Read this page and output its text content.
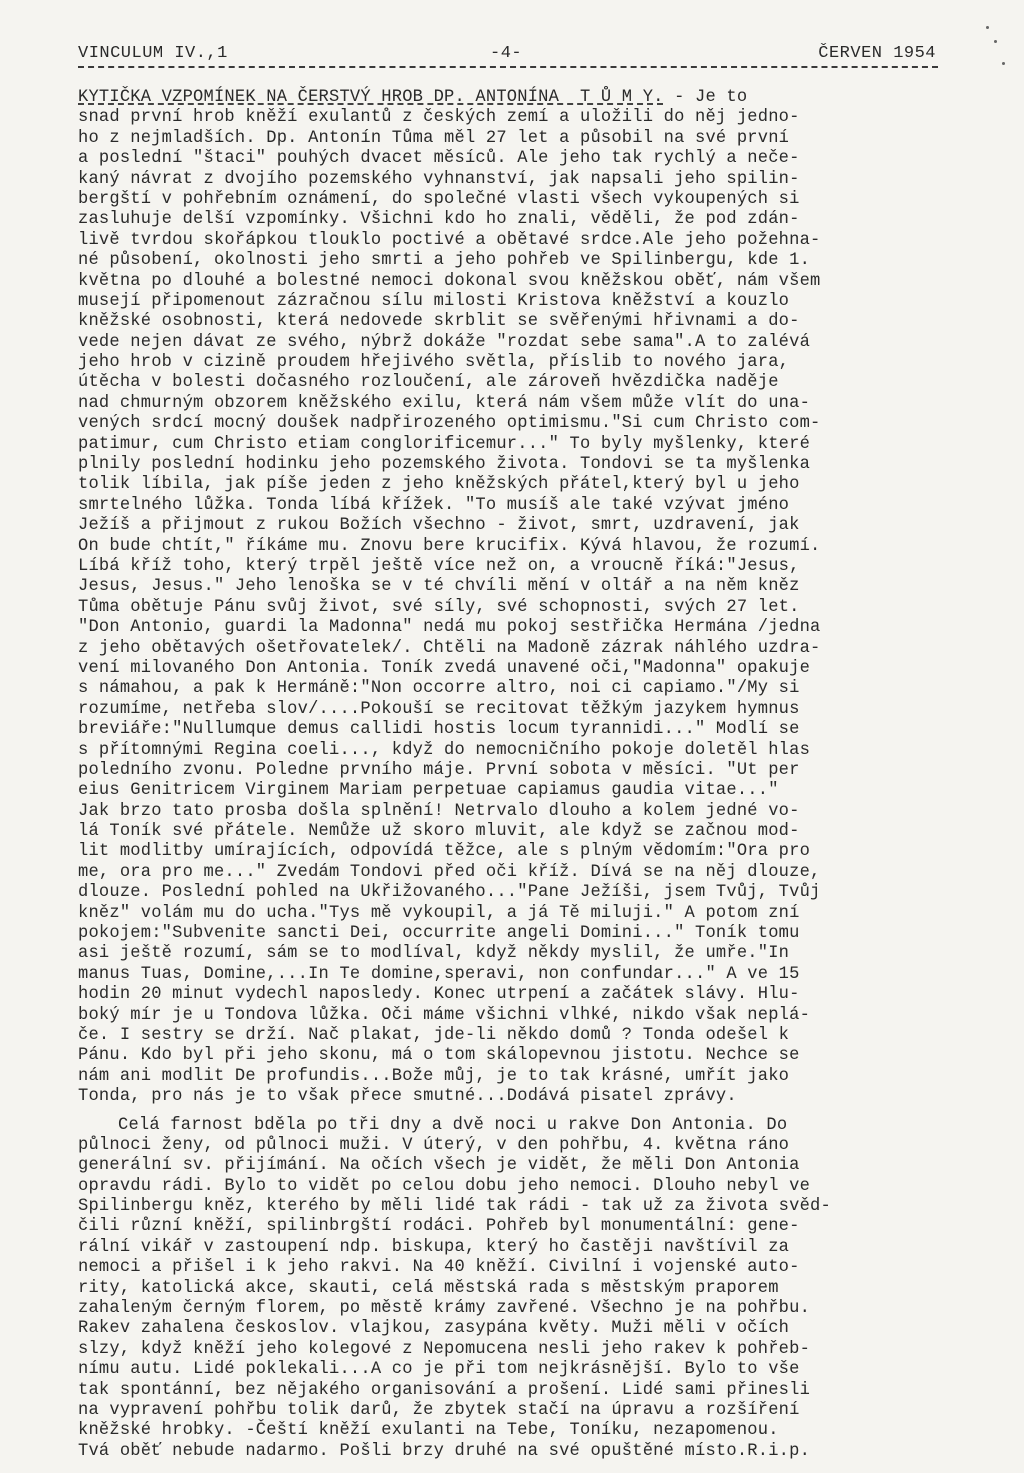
VINCULUM IV.,1	-4-	ČERVEN 1954
KYTIČKA VZPOMÍNEK NA ČERSTVÝ HROB DP. ANTONÍNA  T Ů M Y. - Je to
snad první hrob kněží exulantů z českých zemí a uložili do něj jedno-
ho z nejmladších. Dp. Antonín Tůma měl 27 let a působil na své první
a poslední "štaci" pouhých dvacet měsíců. Ale jeho tak rychlý a neče-
kaný návrat z dvojího pozemského vyhnanství, jak napsali jeho spilin-
bergští v pohřebním oznámení, do společné vlasti všech vykoupených si
zasluhuje delší vzpomínky. Všichni kdo ho znali, věděli, že pod zdán-
livě tvrdou skořápkou tlouklo poctivé a obětavé srdce.Ale jeho požehna-
né působení, okolnosti jeho smrti a jeho pohřeb ve Spilinbergu, kde 1.
května po dlouhé a bolestné nemoci dokonal svou kněžskou oběť, nám všem
musejí připomenout zázračnou sílu milosti Kristova kněžství a kouzlo
kněžské osobnosti, která nedovede skrblit se svěřenými hřivnami a do-
vede nejen dávat ze svého, nýbrž dokáže "rozdat sebe sama".A to zalévá
jeho hrob v cizině proudem hřejivého světla, příslib to nového jara,
útěcha v bolesti dočasného rozloučení, ale zároveň hvězdička naděje
nad chmurným obzorem kněžského exilu, která nám všem může vlít do una-
vených srdcí mocný doušek nadpřirozeného optimismu."Si cum Christo com-
patimur, cum Christo etiam conglorificemur..." To byly myšlenky, které
plnily poslední hodinku jeho pozemského života. Tondovi se ta myšlenka
tolik líbila, jak píše jeden z jeho kněžských přátel,který byl u jeho
smrtelného lůžka. Tonda líbá křížek. "To musíš ale také vzývat jméno
Ježíš a přijmout z rukou Božích všechno - život, smrt, uzdravení, jak
On bude chtít," říkáme mu. Znovu bere krucifix. Kývá hlavou, že rozumí.
Líbá kříž toho, který trpěl ještě více než on, a vroucně říká:"Jesus,
Jesus, Jesus." Jeho lenoška se v té chvíli mění v oltář a na něm kněz
Tůma obětuje Pánu svůj život, své síly, své schopnosti, svých 27 let.
"Don Antonio, guardi la Madonna" nedá mu pokoj sestřička Hermána /jedna
z jeho obětavých ošetřovatelek/. Chtěli na Madoně zázrak náhlého uzdra-
vení milovaného Don Antonia. Toník zvedá unavené oči,"Madonna" opakuje
s námahou, a pak k Hermáně:"Non occorre altro, noi ci capiamo."/My si
rozumíme, netřeba slov/....Pokouší se recitovat těžkým jazykem hymnus
breviáře:"Nullumque demus callidi hostis locum tyrannidi..." Modlí se
s přítomnými Regina coeli..., když do nemocničního pokoje doletěl hlas
poledního zvonu. Poledne prvního máje. První sobota v měsíci. "Ut per
eius Genitricem Virginem Mariam perpetuae capiamus gaudia vitae..."
Jak brzo tato prosba došla splnění! Netrvalo dlouho a kolem jedné vo-
lá Toník své přátele. Nemůže už skoro mluvit, ale když se začnou mod-
lit modlitby umírajících, odpovídá těžce, ale s plným vědomím:"Ora pro
me, ora pro me..." Zvedám Tondovi před oči kříž. Dívá se na něj dlouze,
dlouze. Poslední pohled na Ukřižovaného..."Pane Ježíši, jsem Tvůj, Tvůj
kněz" volám mu do ucha."Tys mě vykoupil, a já Tě miluji." A potom zní
pokojem:"Subvenite sancti Dei, occurrite angeli Domini..." Toník tomu
asi ještě rozumí, sám se to modlíval, když někdy myslil, že umře."In
manus Tuas, Domine,...In Te domine,speravi, non confundar..." A ve 15
hodin 20 minut vydechl naposledy. Konec utrpení a začátek slávy. Hlu-
boký mír je u Tondova lůžka. Oči máme všichni vlhké, nikdo však neplá-
če. I sestry se drží. Nač plakat, jde-li někdo domů ? Tonda odešel k
Pánu. Kdo byl při jeho skonu, má o tom skálopevnou jistotu. Nechce se
nám ani modlit De profundis...Bože můj, je to tak krásné, umřít jako
Tonda, pro nás je to však přece smutné...Dodává pisatel zprávy.
Celá farnost bděla po tři dny a dvě noci u rakve Don Antonia. Do
půlnoci ženy, od půlnoci muži. V úterý, v den pohřbu, 4. května ráno
generální sv. přijímání. Na očích všech je vidět, že měli Don Antonia
opravdu rádi. Bylo to vidět po celou dobu jeho nemoci. Dlouho nebyl ve
Spilinbergu kněz, kterého by měli lidé tak rádi - tak už za života svěd-
čili různí kněží, spilinbrgští rodáci. Pohřeb byl monumentální: gene-
rální vikář v zastoupení ndp. biskupa, který ho častěji navštívil za
nemoci a přišel i k jeho rakvi. Na 40 kněží. Civilní i vojenské auto-
rity, katolická akce, skauti, celá městská rada s městským praporem
zahaleným černým florem, po městě krámy zavřené. Všechno je na pohřbu.
Rakev zahalena českoslov. vlajkou, zasypána květy. Muži měli v očích
slzy, když kněží jeho kolegové z Nepomucena nesli jeho rakev k pohřeb-
nímu autu. Lidé poklekali...A co je při tom nejkrásnější. Bylo to vše
tak spontánní, bez nějakého organisování a prošení. Lidé sami přinesli
na vypravení pohřbu tolik darů, že zbytek stačí na úpravu a rozšíření
kněžské hrobky. -Čeští kněží exulanti na Tebe, Toníku, nezapomenou.
Tvá oběť nebude nadarmo. Pošli brzy druhé na své opuštěné místo.R.i.p.
